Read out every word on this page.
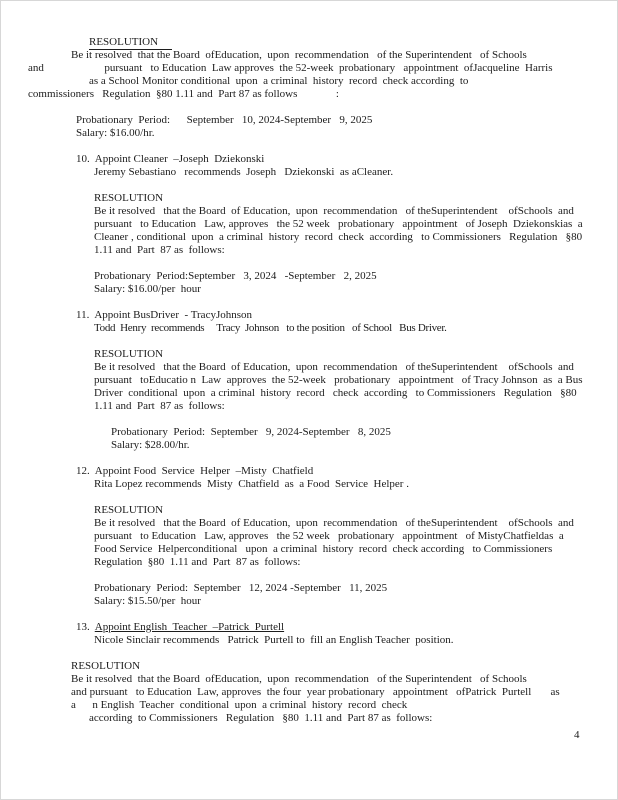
RESOLUTION
Be it resolved  that the Board  ofEducation,  upon  recommendation   of the Superintendent   of Schools
and                      pursuant   to Education  Law approves  the 52-week  probationary   appointment  ofJacqueline  Harris
as a School Monitor conditional  upon  a criminal  history  record  check according  to
commissioners   Regulation  §80 1.11 and  Part 87 as follows              :
Probationary  Period:      September   10, 2024-September   9, 2025
Salary: $16.00/hr.
10. Appoint Cleaner  –Joseph  Dziekonski
Jeremy Sebastiano   recommends  Joseph   Dziekonski  as aCleaner.
RESOLUTION
Be it resolved   that the Board  of Education,  upon  recommendation   of theSuperintendent    ofSchools  and
pursuant   to Education   Law, approves   the 52 week   probationary   appointment   of Joseph  Dziekonskias  a
Cleaner , conditional  upon  a criminal  history  record  check  according   to Commissioners   Regulation   §80
1.11 and  Part  87 as  follows:
Probationary  Period:September   3, 2024   -September   2, 2025
Salary: $16.00/per  hour
11. Appoint BusDriver  - TracyJohnson
Todd  Henry  recommends     Tracy  Johnson   to the position   of School   Bus Driver.
RESOLUTION
Be it resolved   that the Board  of Education,  upon  recommendation   of theSuperintendent    ofSchools  and
pursuant   toEducatio n  Law  approves  the 52-week   probationary   appointment   of Tracy Johnson  as  a Bus
Driver  conditional  upon  a criminal  history  record   check  according   to Commissioners   Regulation   §80
1.11 and  Part  87 as  follows:
Probationary  Period:  September   9, 2024-September   8, 2025
Salary: $28.00/hr.
12. Appoint Food  Service  Helper  –Misty  Chatfield
Rita Lopez recommends  Misty  Chatfield  as  a Food  Service  Helper .
RESOLUTION
Be it resolved   that the Board  of Education,  upon  recommendation   of theSuperintendent    ofSchools  and
pursuant   to Education   Law, approves   the 52 week   probationary   appointment   of MistyChatfieldas  a
Food Service  Helperconditional   upon  a criminal  history  record  check according   to Commissioners
Regulation  §80  1.11 and  Part  87 as  follows:
Probationary  Period:  September   12, 2024 -September   11, 2025
Salary: $15.50/per  hour
13. Appoint English  Teacher  –Patrick  Purtell
Nicole Sinclair recommends   Patrick  Purtell to  fill an English Teacher  position.
RESOLUTION
Be it resolved  that the Board  ofEducation,  upon  recommendation   of the Superintendent   of Schools
and pursuant   to Education  Law, approves  the four  year probationary   appointment   ofPatrick  Purtell       as
a      n English  Teacher  conditional  upon  a criminal  history  record  check
according  to Commissioners   Regulation   §80  1.11 and  Part 87 as  follows:
4
